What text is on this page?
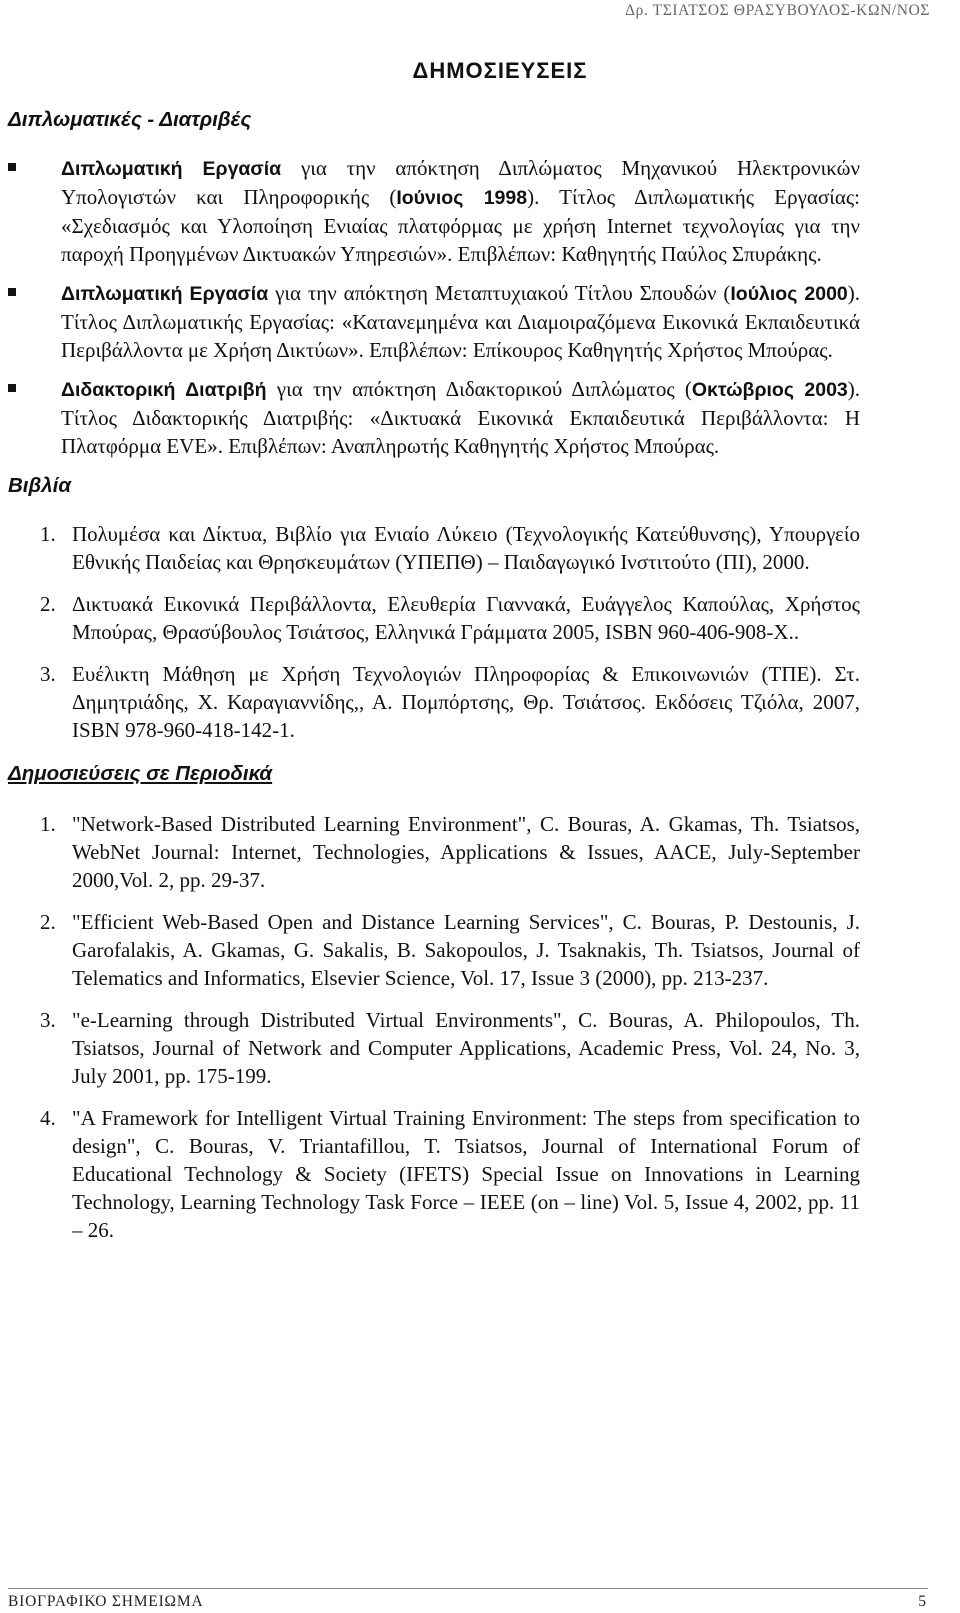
Δρ. ΤΣΙΑΤΣΟΣ ΘΡΑΣΥΒΟΥΛΟΣ-ΚΩΝ/ΝΟΣ
ΔΗΜΟΣΙΕΥΣΕΙΣ
Διπλωματικές - Διατριβές
Διπλωματική Εργασία για την απόκτηση Διπλώματος Μηχανικού Ηλεκτρονικών Υπολογιστών και Πληροφορικής (Ιούνιος 1998). Τίτλος Διπλωματικής Εργασίας: «Σχεδιασμός και Υλοποίηση Ενιαίας πλατφόρμας με χρήση Internet τεχνολογίας για την παροχή Προηγμένων Δικτυακών Υπηρεσιών». Επιβλέπων: Καθηγητής Παύλος Σπυράκης.
Διπλωματική Εργασία για την απόκτηση Μεταπτυχιακού Τίτλου Σπουδών (Ιούλιος 2000). Τίτλος Διπλωματικής Εργασίας: «Κατανεμημένα και Διαμοιραζόμενα Εικονικά Εκπαιδευτικά Περιβάλλοντα με Χρήση Δικτύων». Επιβλέπων: Επίκουρος Καθηγητής Χρήστος Μπούρας.
Διδακτορική Διατριβή για την απόκτηση Διδακτορικού Διπλώματος (Οκτώβριος 2003). Τίτλος Διδακτορικής Διατριβής: «Δικτυακά Εικονικά Εκπαιδευτικά Περιβάλλοντα: Η Πλατφόρμα EVE». Επιβλέπων: Αναπληρωτής Καθηγητής Χρήστος Μπούρας.
Βιβλία
1. Πολυμέσα και Δίκτυα, Βιβλίο για Ενιαίο Λύκειο (Τεχνολογικής Κατεύθυνσης), Υπουργείο Εθνικής Παιδείας και Θρησκευμάτων (ΥΠΕΠΘ) – Παιδαγωγικό Ινστιτούτο (ΠΙ), 2000.
2. Δικτυακά Εικονικά Περιβάλλοντα, Ελευθερία Γιαννακά, Ευάγγελος Καπούλας, Χρήστος Μπούρας, Θρασύβουλος Τσιάτσος, Ελληνικά Γράμματα 2005, ISBN 960-406-908-X..
3. Ευέλικτη Μάθηση με Χρήση Τεχνολογιών Πληροφορίας & Επικοινωνιών (ΤΠΕ). Στ. Δημητριάδης, Χ. Καραγιαννίδης,, Α. Πομπόρτσης, Θρ. Τσιάτσος. Εκδόσεις Τζιόλα, 2007, ISBN 978-960-418-142-1.
Δημοσιεύσεις σε Περιοδικά
1. "Network-Based Distributed Learning Environment", C. Bouras, A. Gkamas, Th. Tsiatsos, WebNet Journal: Internet, Technologies, Applications & Issues, AACE, July-September 2000,Vol. 2, pp. 29-37.
2. "Efficient Web-Based Open and Distance Learning Services", C. Bouras, P. Destounis, J. Garofalakis, A. Gkamas, G. Sakalis, B. Sakopoulos, J. Tsaknakis, Th. Tsiatsos, Journal of Telematics and Informatics, Elsevier Science, Vol. 17, Issue 3 (2000), pp. 213-237.
3. "e-Learning through Distributed Virtual Environments", C. Bouras, A. Philopoulos, Th. Tsiatsos, Journal of Network and Computer Applications, Academic Press, Vol. 24, No. 3, July 2001, pp. 175-199.
4. "A Framework for Intelligent Virtual Training Environment: The steps from specification to design", C. Bouras, V. Triantafillou, T. Tsiatsos, Journal of International Forum of Educational Technology & Society (IFETS) Special Issue on Innovations in Learning Technology, Learning Technology Task Force – IEEE (on – line) Vol. 5, Issue 4, 2002, pp. 11 – 26.
ΒΙΟΓΡΑΦΙΚΟ ΣΗΜΕΙΩΜΑ	5
